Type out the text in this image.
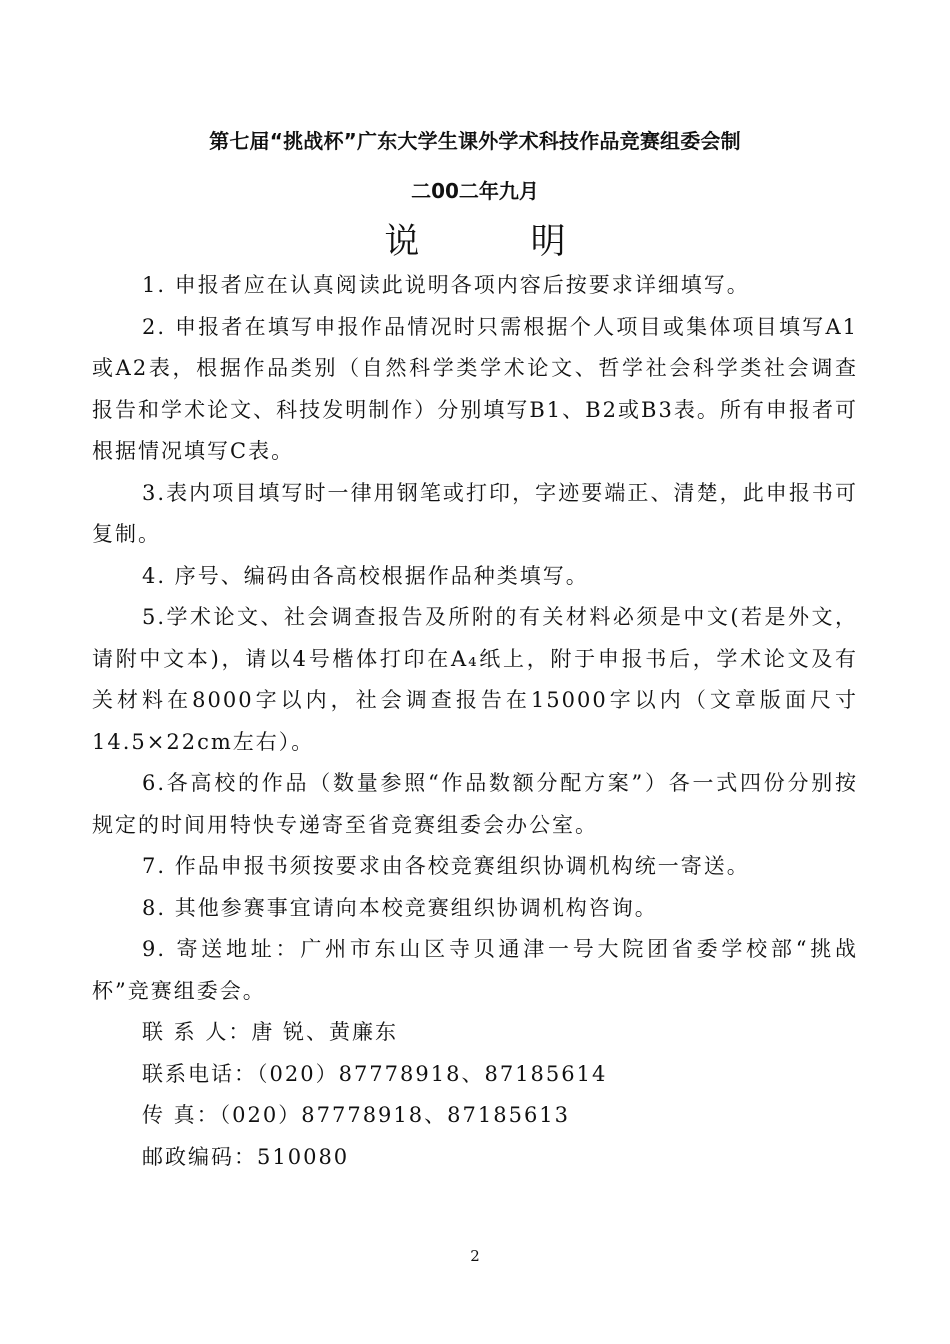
第七届“挑战杯”广东大学生课外学术科技作品竞赛组委会制
二00二年九月
说	明

1. 申报者应在认真阅读此说明各项内容后按要求详细填写。

2. 申报者在填写申报作品情况时只需根据个人项目或集体项目填写A1或A2表，根据作品类别（自然科学类学术论文、哲学社会科学类社会调查报告和学术论文、科技发明制作）分别填写B1、B2或B3表。所有申报者可根据情况填写C表。

3.表内项目填写时一律用钢笔或打印，字迹要端正、清楚，此申报书可复制。

4. 序号、编码由各高校根据作品种类填写。

5.学术论文、社会调查报告及所附的有关材料必须是中文(若是外文，请附中文本)，请以4号楷体打印在A₄纸上，附于申报书后，学术论文及有关材料在8000字以内，社会调查报告在15000字以内（文章版面尺寸14.5×22cm左右）。

6.各高校的作品（数量参照“作品数额分配方案”）各一式四份分别按规定的时间用特快专递寄至省竞赛组委会办公室。

7. 作品申报书须按要求由各校竞赛组织协调机构统一寄送。

8. 其他参赛事宜请向本校竞赛组织协调机构咨询。

9. 寄送地址：广州市东山区寺贝通津一号大院团省委学校部“挑战杯”竞赛组委会。

联 系 人：唐 锐、黄廉东

联系电话：（020）87778918、87185614

传 真：（020）87778918、87185613

邮政编码：510080

2
